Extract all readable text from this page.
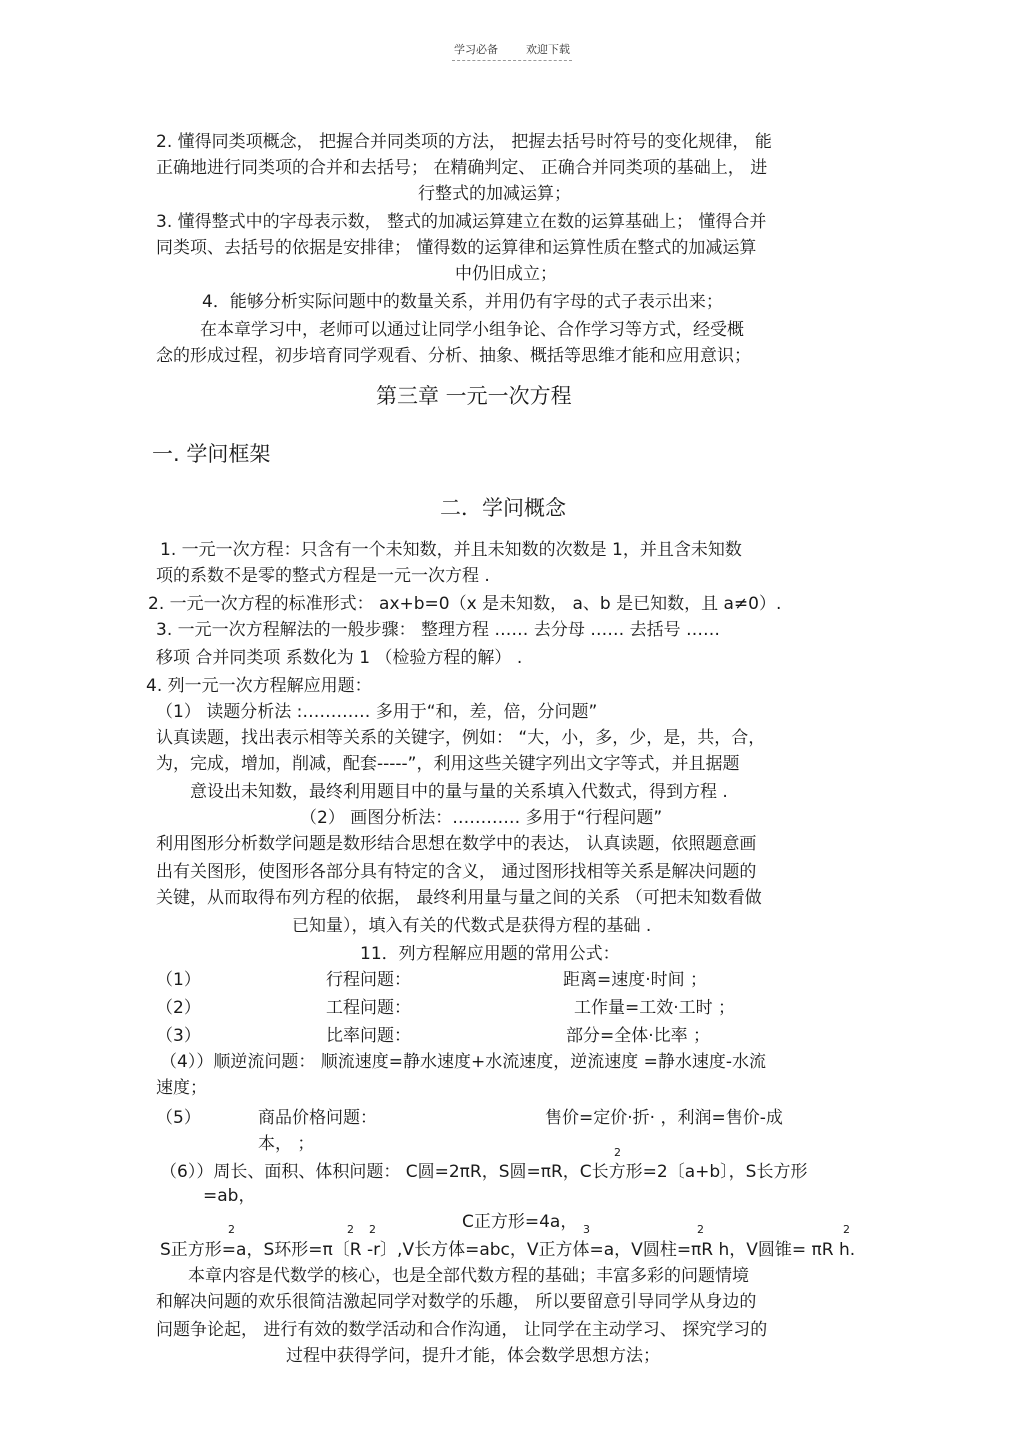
学习必备	欢迎下载
2. 懂得同类项概念， 把握合并同类项的方法， 把握去括号时符号的变化规律， 能
正确地进行同类项的合并和去括号； 在精确判定、 正确合并同类项的基础上， 进
行整式的加减运算；
3. 懂得整式中的字母表示数， 整式的加减运算建立在数的运算基础上； 懂得合并
同类项、去括号的依据是安排律； 懂得数的运算律和运算性质在整式的加减运算
中仍旧成立；
4．能够分析实际问题中的数量关系，并用仍有字母的式子表示出来；
在本章学习中，老师可以通过让同学小组争论、合作学习等方式，经受概
念的形成过程，初步培育同学观看、分析、抽象、概括等思维才能和应用意识；
第三章 一元一次方程
一. 学问框架
二．学问概念
1. 一元一次方程：只含有一个未知数，并且未知数的次数是 1，并且含未知数
项的系数不是零的整式方程是一元一次方程 .
2. 一元一次方程的标准形式： ax+b=0（x 是未知数， a、b 是已知数，且 a≠0）.
3. 一元一次方程解法的一般步骤： 整理方程 …… 去分母 …… 去括号 ……
移项 合并同类项 系数化为 1 （检验方程的解） .
4. 列一元一次方程解应用题：
（1） 读题分析法 :………… 多用于“和，差，倍，分问题”
认真读题，找出表示相等关系的关键字，例如： “大，小，多，少，是，共，合，
为，完成，增加，削减，配套-----”，利用这些关键字列出文字等式，并且据题
意设出未知数，最终利用题目中的量与量的关系填入代数式，得到方程 .
（2） 画图分析法：………… 多用于“行程问题”
利用图形分析数学问题是数形结合思想在数学中的表达， 认真读题，依照题意画
出有关图形，使图形各部分具有特定的含义， 通过图形找相等关系是解决问题的
关键，从而取得布列方程的依据， 最终利用量与量之间的关系 （可把未知数看做
已知量），填入有关的代数式是获得方程的基础 .
11．列方程解应用题的常用公式：
（1）	行程问题：	距离=速度·时间 ；
（2）	工程问题：	工作量=工效·工时 ；
（3）	比率问题：	部分=全体·比率 ；
（4））顺逆流问题： 顺流速度=静水速度+水流速度，逆流速度 =静水速度-水流
速度；
（5）	商品价格问题：	售价=定价·折· ，利润=售价-成
本， ；	2
（6））周长、面积、体积问题： C圆=2πR，S圆=πR，C长方形=2〔a+b〕，S长方形
=ab，
C正方形=4a，
2	2 2	3	2	2
S正方形=a，S环形=π〔R -r〕,V长方体=abc，V正方体=a，V圆柱=πR h，V圆锥= πR h.
本章内容是代数学的核心，也是全部代数方程的基础；丰富多彩的问题情境
和解决问题的欢乐很简洁激起同学对数学的乐趣， 所以要留意引导同学从身边的
问题争论起， 进行有效的数学活动和合作沟通， 让同学在主动学习、 探究学习的
过程中获得学问，提升才能，体会数学思想方法；
